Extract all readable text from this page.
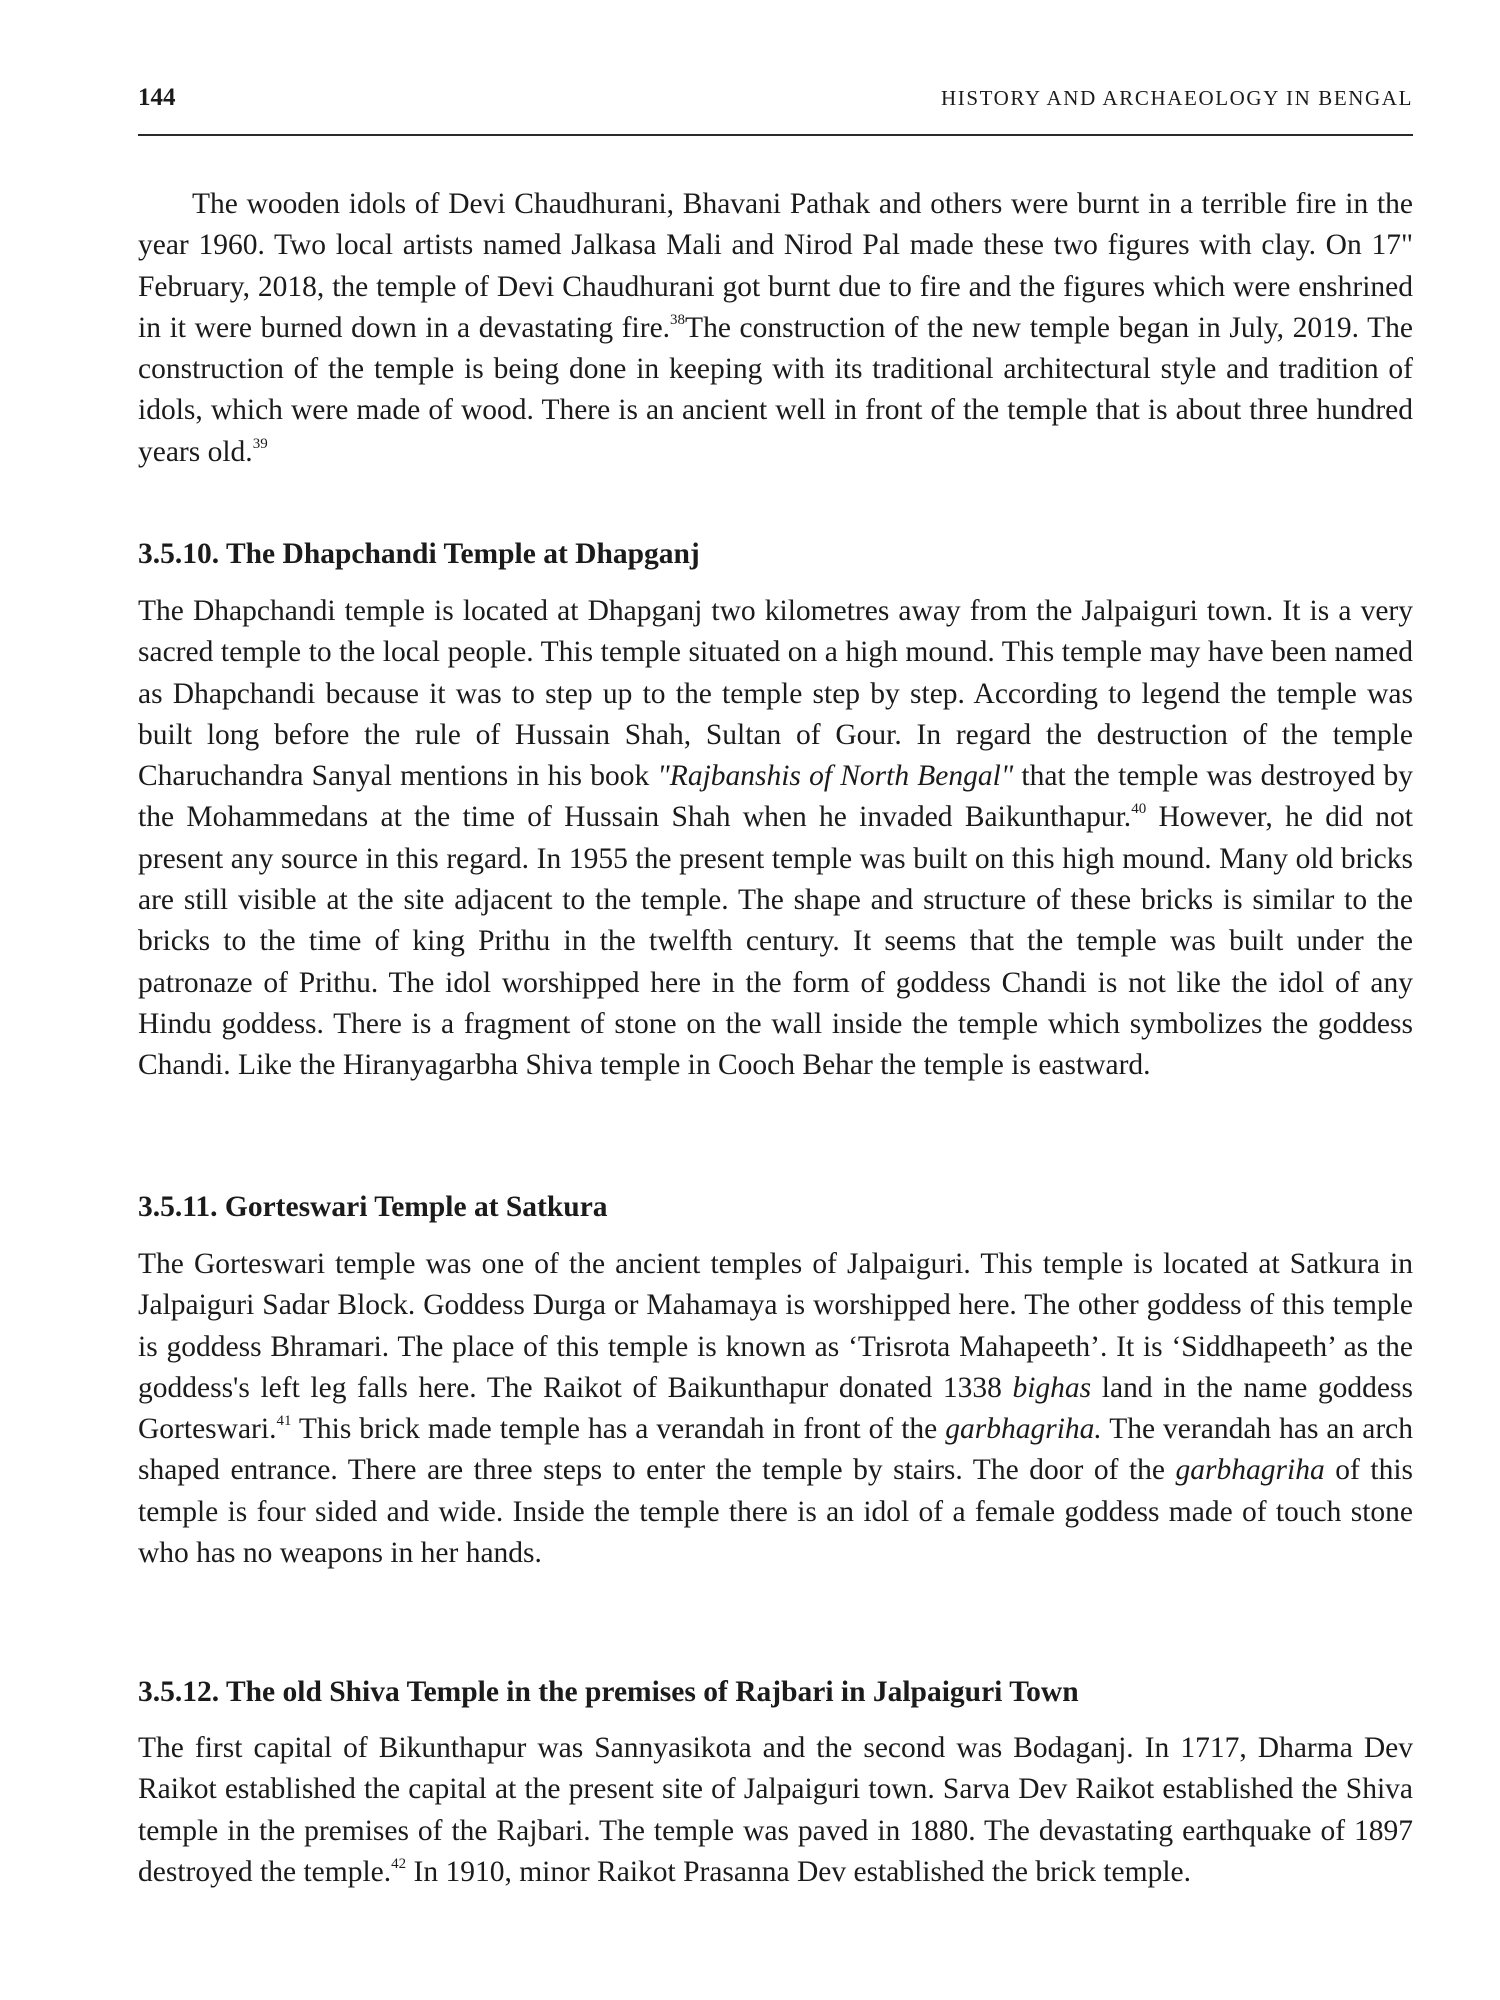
144	HISTORY AND ARCHAEOLOGY IN BENGAL

The wooden idols of Devi Chaudhurani, Bhavani Pathak and others were burnt in a terrible fire in the year 1960. Two local artists named Jalkasa Mali and Nirod Pal made these two figures with clay. On 17" February, 2018, the temple of Devi Chaudhurani got burnt due to fire and the figures which were enshrined in it were burned down in a devastating fire.$^{38}$The construction of the new temple began in July, 2019. The construction of the temple is being done in keeping with its traditional architectural style and tradition of idols, which were made of wood. There is an ancient well in front of the temple that is about three hundred years old.$^{39}$

3.5.10. The Dhapchandi Temple at Dhapganj

The Dhapchandi temple is located at Dhapganj two kilometres away from the Jalpaiguri town. It is a very sacred temple to the local people. This temple situated on a high mound. This temple may have been named as Dhapchandi because it was to step up to the temple step by step. According to legend the temple was built long before the rule of Hussain Shah, Sultan of Gour. In regard the destruction of the temple Charuchandra Sanyal mentions in his book "Rajbanshis of North Bengal" that the temple was destroyed by the Mohammedans at the time of Hussain Shah when he invaded Baikunthapur.$^{40}$ However, he did not present any source in this regard. In 1955 the present temple was built on this high mound. Many old bricks are still visible at the site adjacent to the temple. The shape and structure of these bricks is similar to the bricks to the time of king Prithu in the twelfth century. It seems that the temple was built under the patronaze of Prithu. The idol worshipped here in the form of goddess Chandi is not like the idol of any Hindu goddess. There is a fragment of stone on the wall inside the temple which symbolizes the goddess Chandi. Like the Hiranyagarbha Shiva temple in Cooch Behar the temple is eastward.

3.5.11. Gorteswari Temple at Satkura

The Gorteswari temple was one of the ancient temples of Jalpaiguri. This temple is located at Satkura in Jalpaiguri Sadar Block. Goddess Durga or Mahamaya is worshipped here. The other goddess of this temple is goddess Bhramari. The place of this temple is known as ‘Trisrota Mahapeeth’. It is ‘Siddhapeeth’ as the goddess's left leg falls here. The Raikot of Baikunthapur donated 1338 bighas land in the name goddess Gorteswari.$^{41}$ This brick made temple has a verandah in front of the garbhagriha. The verandah has an arch shaped entrance. There are three steps to enter the temple by stairs. The door of the garbhagriha of this temple is four sided and wide. Inside the temple there is an idol of a female goddess made of touch stone who has no weapons in her hands.

3.5.12. The old Shiva Temple in the premises of Rajbari in Jalpaiguri Town

The first capital of Bikunthapur was Sannyasikota and the second was Bodaganj. In 1717, Dharma Dev Raikot established the capital at the present site of Jalpaiguri town. Sarva Dev Raikot established the Shiva temple in the premises of the Rajbari. The temple was paved in 1880. The devastating earthquake of 1897 destroyed the temple.$^{42}$ In 1910, minor Raikot Prasanna Dev established the brick temple.
